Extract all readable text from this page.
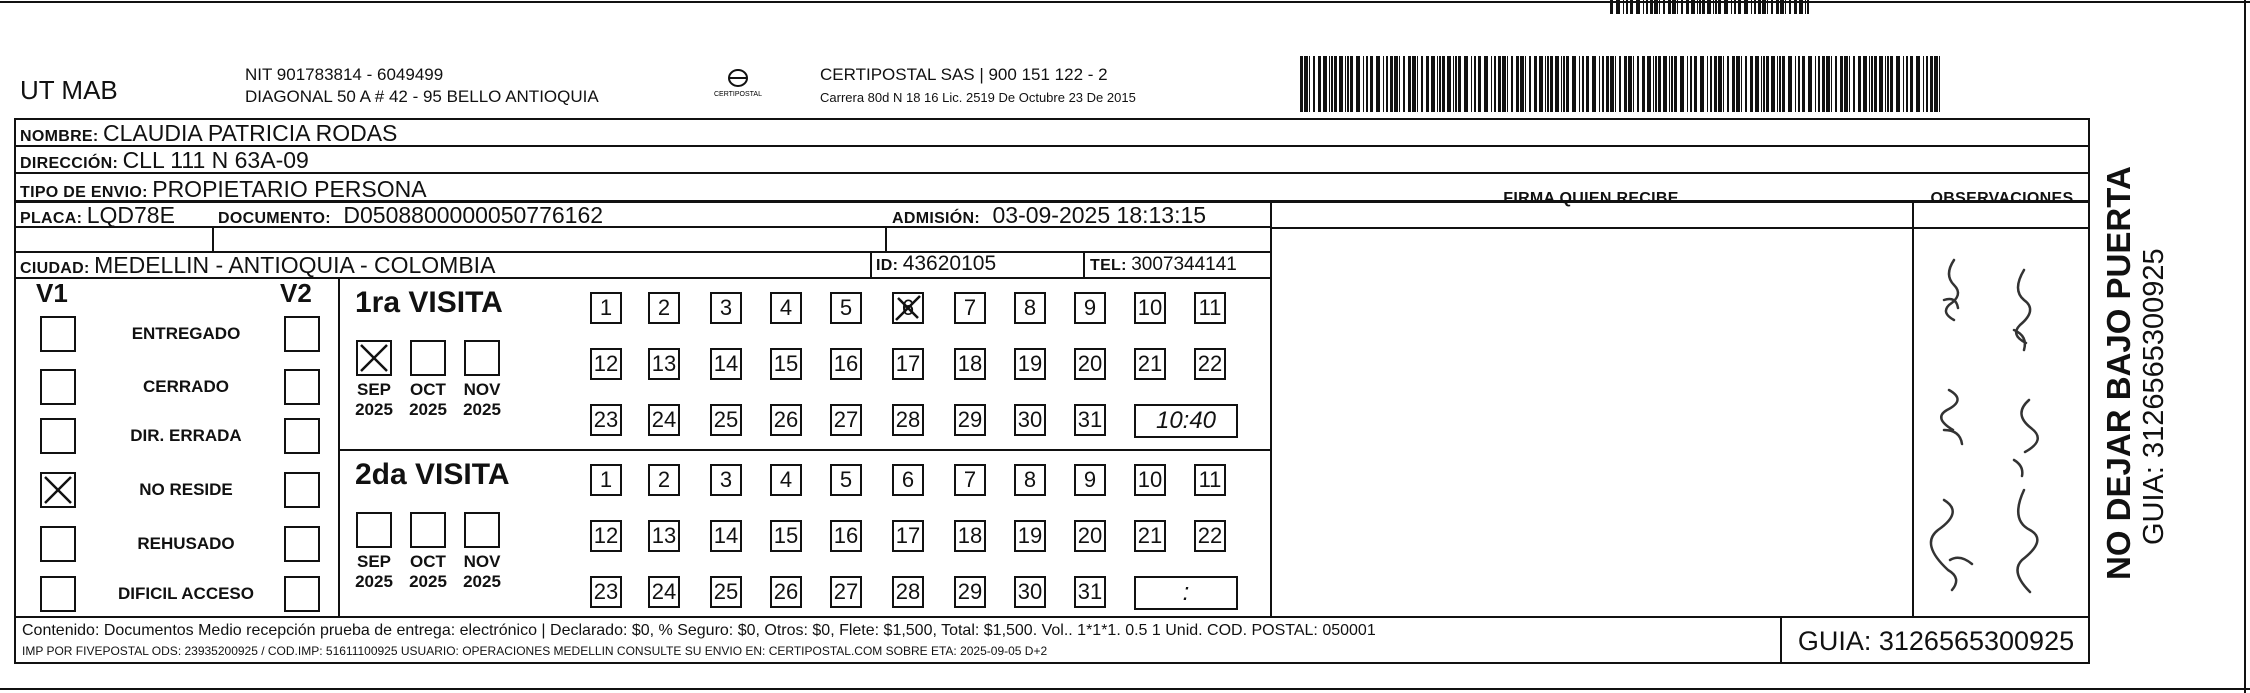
UT MAB
NIT 901783814 - 6049499
DIAGONAL 50 A # 42 - 95 BELLO ANTIOQUIA	CERTIPOSTAL
CERTIPOSTAL SAS | 900 151 122 - 2
Carrera 80d N 18 16 Lic. 2519 De Octubre 23 De 2015
NOMBRE: CLAUDIA PATRICIA RODAS
DIRECCIÓN: CLL 111 N 63A-09
TIPO DE ENVIO: PROPIETARIO PERSONA	FIRMA QUIEN RECIBE	OBSERVACIONES
PLACA: LQD78E	DOCUMENTO: D0508800000050776162	ADMISIÓN: 03-09-2025 18:13:15
CIUDAD: MEDELLIN - ANTIOQUIA - COLOMBIA	ID: 43620105	TEL: 3007344141
V1	V2
ENTREGADO
CERRADO
DIR. ERRADA
NO RESIDE
REHUSADO
DIFICIL ACCESO
1ra VISITA
SEP
2025
OCT
2025
NOV
2025
1	2	3	4	5	6	7	8	9	10 11
12 13 14 15 16 17 18 19 20 21 22
23 24 25 26 27 28 29 30 31	10:40
2da VISITA
SEP
2025
OCT
2025
NOV
2025
1	2	3	4	5	6	7	8	9	10 11
12 13 14 15 16 17 18 19 20 21 22
23 24 25 26 27 28 29 30 31	:
Contenido: Documentos Medio recepción prueba de entrega: electrónico | Declarado: $0, % Seguro: $0, Otros: $0, Flete: $1,500, Total: $1,500. Vol.. 1*1*1. 0.5 1 Unid. COD. POSTAL: 050001
IMP POR FIVEPOSTAL ODS: 23935200925 / COD.IMP: 51611100925 USUARIO: OPERACIONES MEDELLIN CONSULTE SU ENVIO EN: CERTIPOSTAL.COM SOBRE ETA: 2025-09-05 D+2	GUIA: 3126565300925
NO DEJAR BAJO PUERTA GUIA: 3126565300925
